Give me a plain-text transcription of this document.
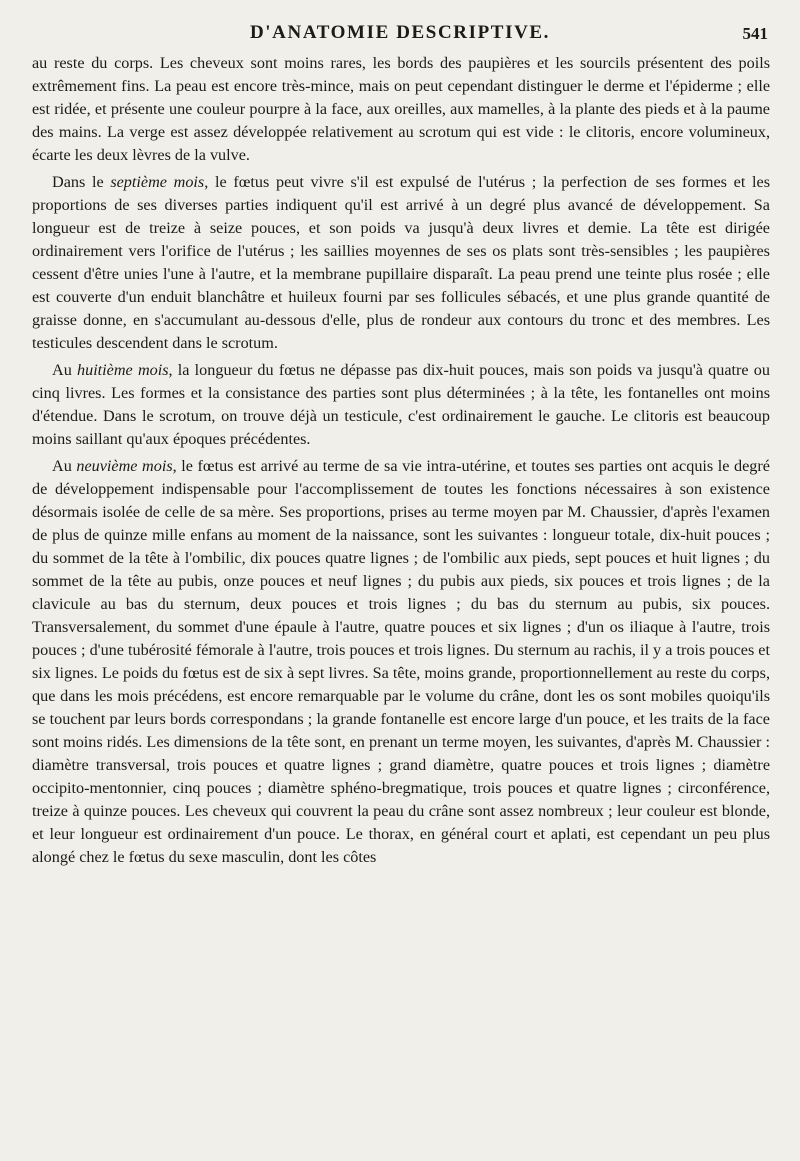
D'ANATOMIE DESCRIPTIVE.	541

au reste du corps. Les cheveux sont moins rares, les bords des paupières et les sourcils présentent des poils extrêmement fins. La peau est encore très-mince, mais on peut cependant distinguer le derme et l'épiderme ; elle est ridée, et présente une couleur pourpre à la face, aux oreilles, aux mamelles, à la plante des pieds et à la paume des mains. La verge est assez développée relativement au scrotum qui est vide : le clitoris, encore volumineux, écarte les deux lèvres de la vulve.

Dans le septième mois, le fœtus peut vivre s'il est expulsé de l'utérus ; la perfection de ses formes et les proportions de ses diverses parties indiquent qu'il est arrivé à un degré plus avancé de développement. Sa longueur est de treize à seize pouces, et son poids va jusqu'à deux livres et demie. La tête est dirigée ordinairement vers l'orifice de l'utérus ; les saillies moyennes de ses os plats sont très-sensibles ; les paupières cessent d'être unies l'une à l'autre, et la membrane pupillaire disparaît. La peau prend une teinte plus rosée ; elle est couverte d'un enduit blanchâtre et huileux fourni par ses follicules sébacés, et une plus grande quantité de graisse donne, en s'accumulant au-dessous d'elle, plus de rondeur aux contours du tronc et des membres. Les testicules descendent dans le scrotum.

Au huitième mois, la longueur du fœtus ne dépasse pas dix-huit pouces, mais son poids va jusqu'à quatre ou cinq livres. Les formes et la consistance des parties sont plus déterminées ; à la tête, les fontanelles ont moins d'étendue. Dans le scrotum, on trouve déjà un testicule, c'est ordinairement le gauche. Le clitoris est beaucoup moins saillant qu'aux époques précédentes.

Au neuvième mois, le fœtus est arrivé au terme de sa vie intra-utérine, et toutes ses parties ont acquis le degré de développement indispensable pour l'accomplissement de toutes les fonctions nécessaires à son existence désormais isolée de celle de sa mère. Ses proportions, prises au terme moyen par M. Chaussier, d'après l'examen de plus de quinze mille enfans au moment de la naissance, sont les suivantes : longueur totale, dix-huit pouces ; du sommet de la tête à l'ombilic, dix pouces quatre lignes ; de l'ombilic aux pieds, sept pouces et huit lignes ; du sommet de la tête au pubis, onze pouces et neuf lignes ; du pubis aux pieds, six pouces et trois lignes ; de la clavicule au bas du sternum, deux pouces et trois lignes ; du bas du sternum au pubis, six pouces. Transversalement, du sommet d'une épaule à l'autre, quatre pouces et six lignes ; d'un os iliaque à l'autre, trois pouces ; d'une tubérosité fémorale à l'autre, trois pouces et trois lignes. Du sternum au rachis, il y a trois pouces et six lignes. Le poids du fœtus est de six à sept livres. Sa tête, moins grande, proportionnellement au reste du corps, que dans les mois précédens, est encore remarquable par le volume du crâne, dont les os sont mobiles quoiqu'ils se touchent par leurs bords correspondans ; la grande fontanelle est encore large d'un pouce, et les traits de la face sont moins ridés. Les dimensions de la tête sont, en prenant un terme moyen, les suivantes, d'après M. Chaussier : diamètre transversal, trois pouces et quatre lignes ; grand diamètre, quatre pouces et trois lignes ; diamètre occipito-mentonnier, cinq pouces ; diamètre sphéno-bregmatique, trois pouces et quatre lignes ; circonférence, treize à quinze pouces. Les cheveux qui couvrent la peau du crâne sont assez nombreux ; leur couleur est blonde, et leur longueur est ordinairement d'un pouce. Le thorax, en général court et aplati, est cependant un peu plus alongé chez le fœtus du sexe masculin, dont les côtes
